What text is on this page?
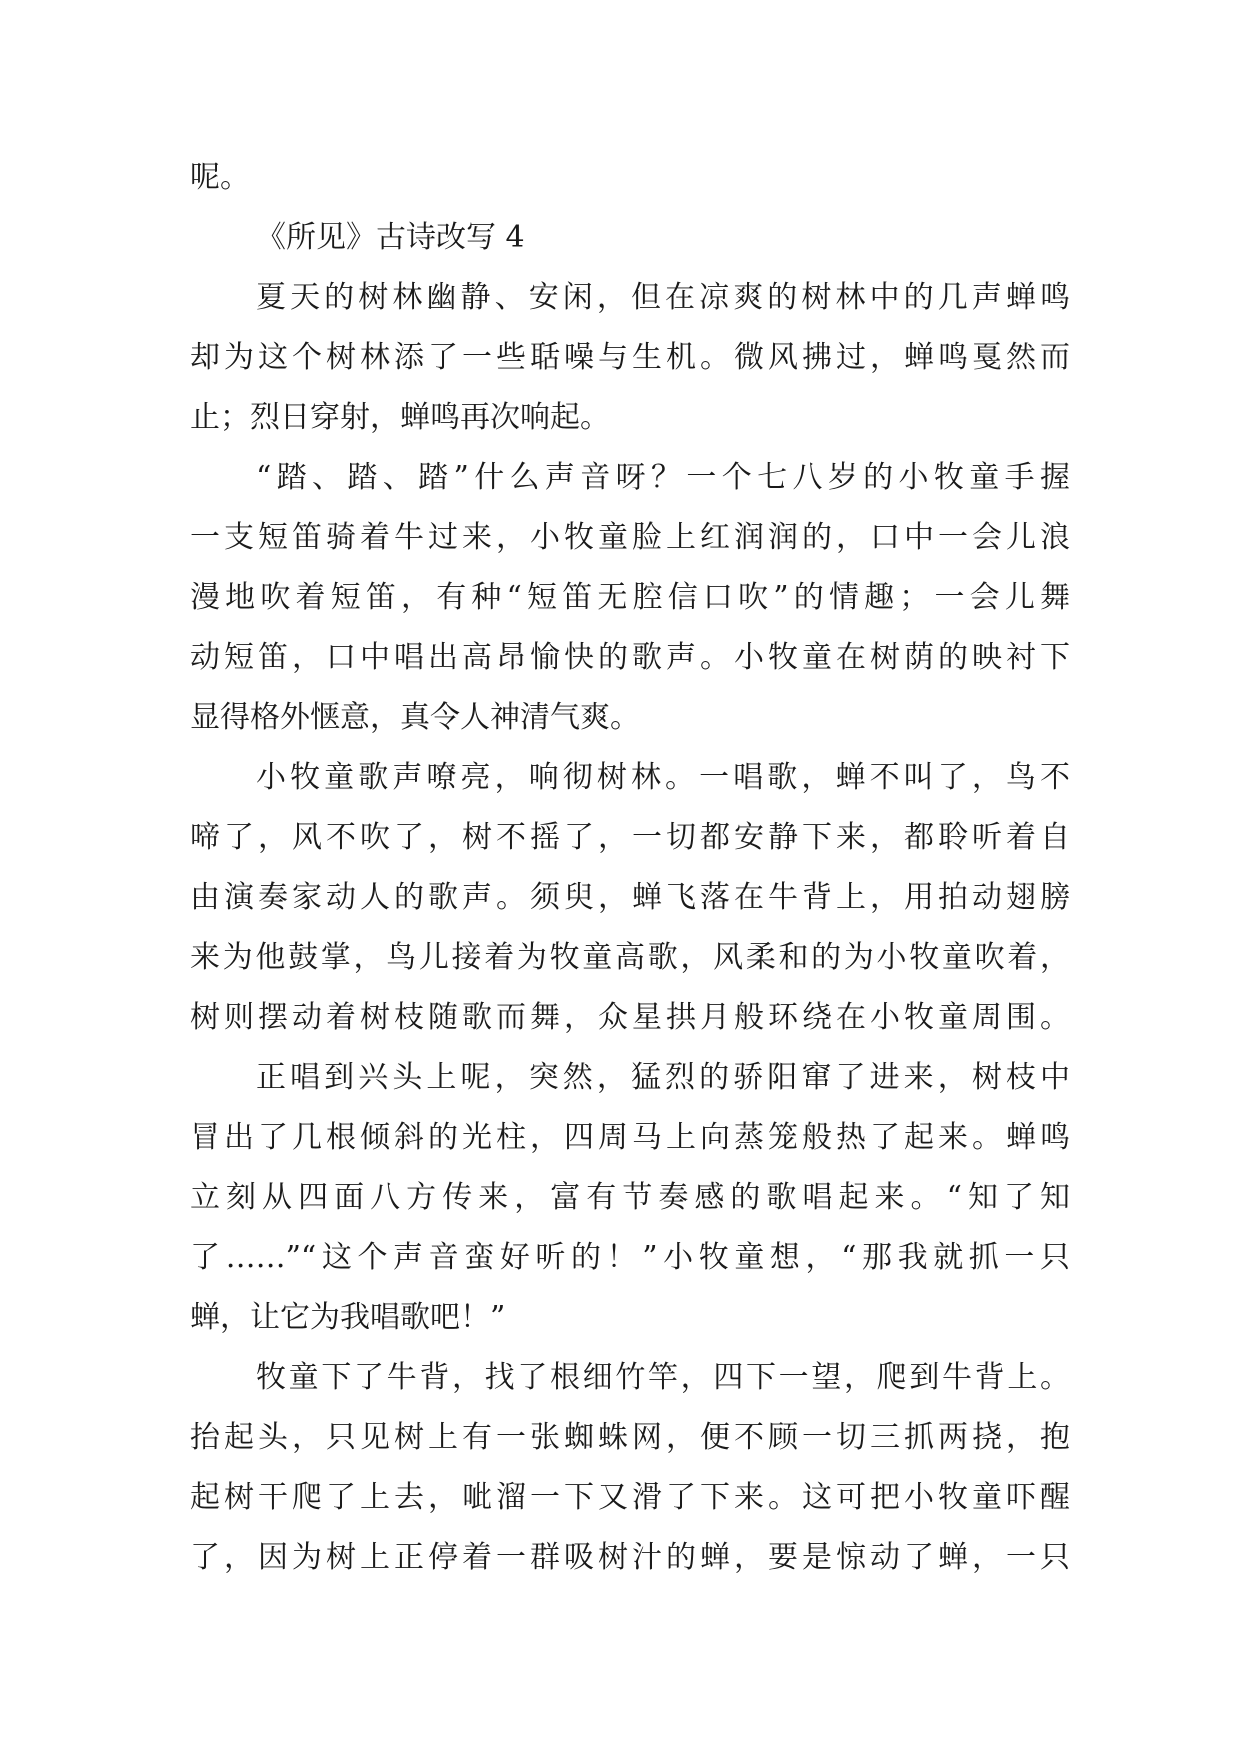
呢。
《所见》古诗改写 4
夏天的树林幽静、安闲，但在凉爽的树林中的几声蝉鸣
却为这个树林添了一些聒噪与生机。微风拂过，蝉鸣戛然而
止；烈日穿射，蝉鸣再次响起。
“踏、踏、踏”什么声音呀？一个七八岁的小牧童手握
一支短笛骑着牛过来，小牧童脸上红润润的，口中一会儿浪
漫地吹着短笛，有种“短笛无腔信口吹”的情趣；一会儿舞
动短笛，口中唱出高昂愉快的歌声。小牧童在树荫的映衬下
显得格外惬意，真令人神清气爽。
小牧童歌声嘹亮，响彻树林。一唱歌，蝉不叫了，鸟不
啼了，风不吹了，树不摇了，一切都安静下来，都聆听着自
由演奏家动人的歌声。须臾，蝉飞落在牛背上，用拍动翅膀
来为他鼓掌，鸟儿接着为牧童高歌，风柔和的为小牧童吹着，
树则摆动着树枝随歌而舞，众星拱月般环绕在小牧童周围。
正唱到兴头上呢，突然，猛烈的骄阳窜了进来，树枝中
冒出了几根倾斜的光柱，四周马上向蒸笼般热了起来。蝉鸣
立刻从四面八方传来，富有节奏感的歌唱起来。“知了知
了……”“这个声音蛮好听的！”小牧童想，“那我就抓一只
蝉，让它为我唱歌吧！”
牧童下了牛背，找了根细竹竿，四下一望，爬到牛背上。
抬起头，只见树上有一张蜘蛛网，便不顾一切三抓两挠，抱
起树干爬了上去，呲溜一下又滑了下来。这可把小牧童吓醒
了，因为树上正停着一群吸树汁的蝉，要是惊动了蝉，一只
